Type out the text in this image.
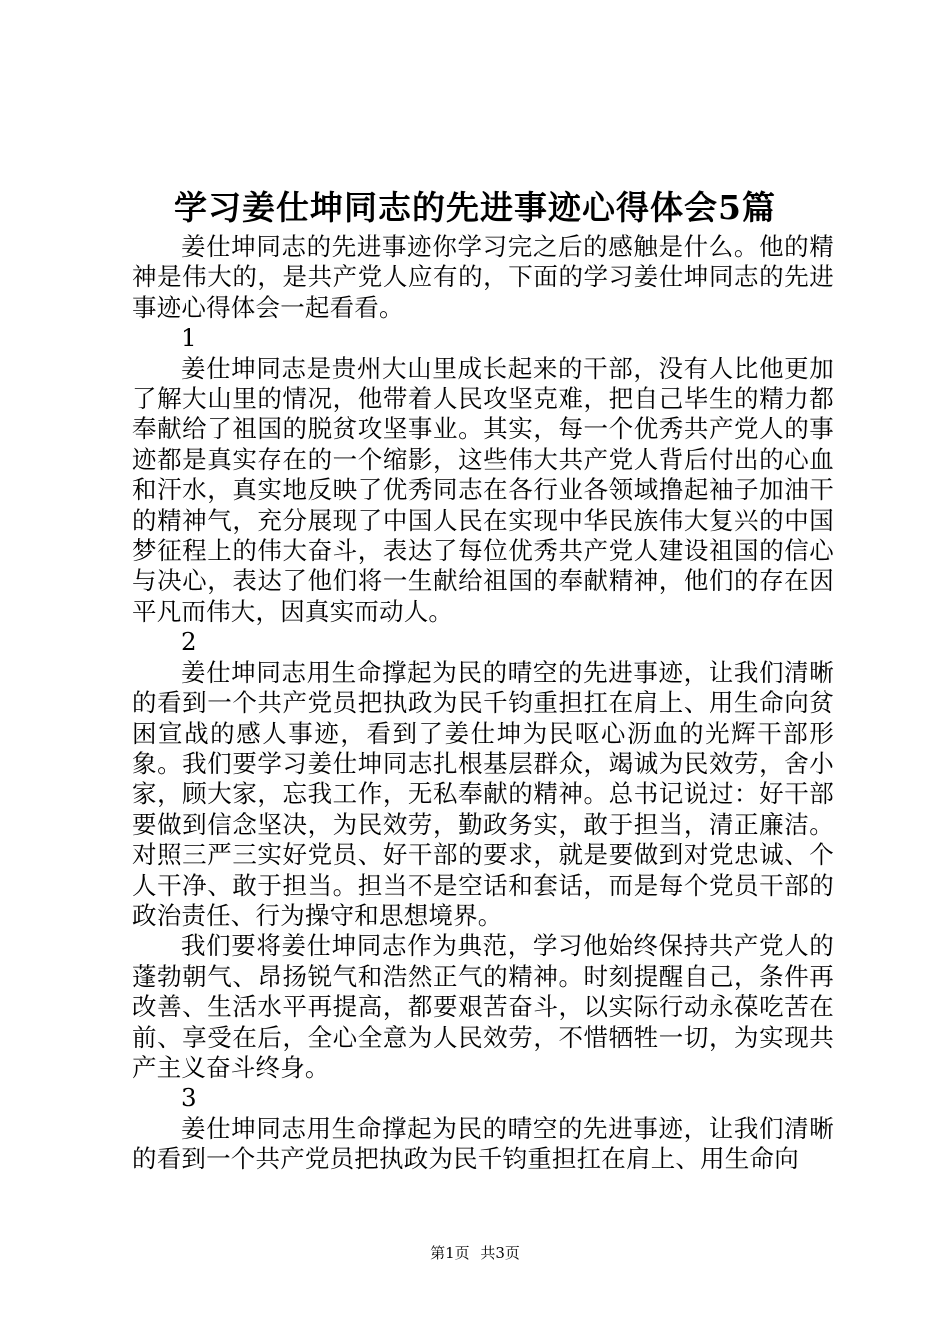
学习姜仕坤同志的先进事迹心得体会5篇

姜仕坤同志的先进事迹你学习完之后的感触是什么。他的精神是伟大的，是共产党人应有的，下面的学习姜仕坤同志的先进事迹心得体会一起看看。

1

姜仕坤同志是贵州大山里成长起来的干部，没有人比他更加了解大山里的情况，他带着人民攻坚克难，把自己毕生的精力都奉献给了祖国的脱贫攻坚事业。其实，每一个优秀共产党人的事迹都是真实存在的一个缩影，这些伟大共产党人背后付出的心血和汗水，真实地反映了优秀同志在各行业各领域撸起袖子加油干的精神气，充分展现了中国人民在实现中华民族伟大复兴的中国梦征程上的伟大奋斗，表达了每位优秀共产党人建设祖国的信心与决心，表达了他们将一生献给祖国的奉献精神，他们的存在因平凡而伟大，因真实而动人。

2

姜仕坤同志用生命撑起为民的晴空的先进事迹，让我们清晰的看到一个共产党员把执政为民千钧重担扛在肩上、用生命向贫困宣战的感人事迹，看到了姜仕坤为民呕心沥血的光辉干部形象。我们要学习姜仕坤同志扎根基层群众，竭诚为民效劳，舍小家，顾大家，忘我工作，无私奉献的精神。总书记说过：好干部要做到信念坚决，为民效劳，勤政务实，敢于担当，清正廉洁。对照三严三实好党员、好干部的要求，就是要做到对党忠诚、个人干净、敢于担当。担当不是空话和套话，而是每个党员干部的政治责任、行为操守和思想境界。

我们要将姜仕坤同志作为典范，学习他始终保持共产党人的蓬勃朝气、昂扬锐气和浩然正气的精神。时刻提醒自己，条件再改善、生活水平再提高，都要艰苦奋斗，以实际行动永葆吃苦在前、享受在后，全心全意为人民效劳，不惜牺牲一切，为实现共产主义奋斗终身。

3

姜仕坤同志用生命撑起为民的晴空的先进事迹，让我们清晰的看到一个共产党员把执政为民千钧重担扛在肩上、用生命向

第1页 共3页
